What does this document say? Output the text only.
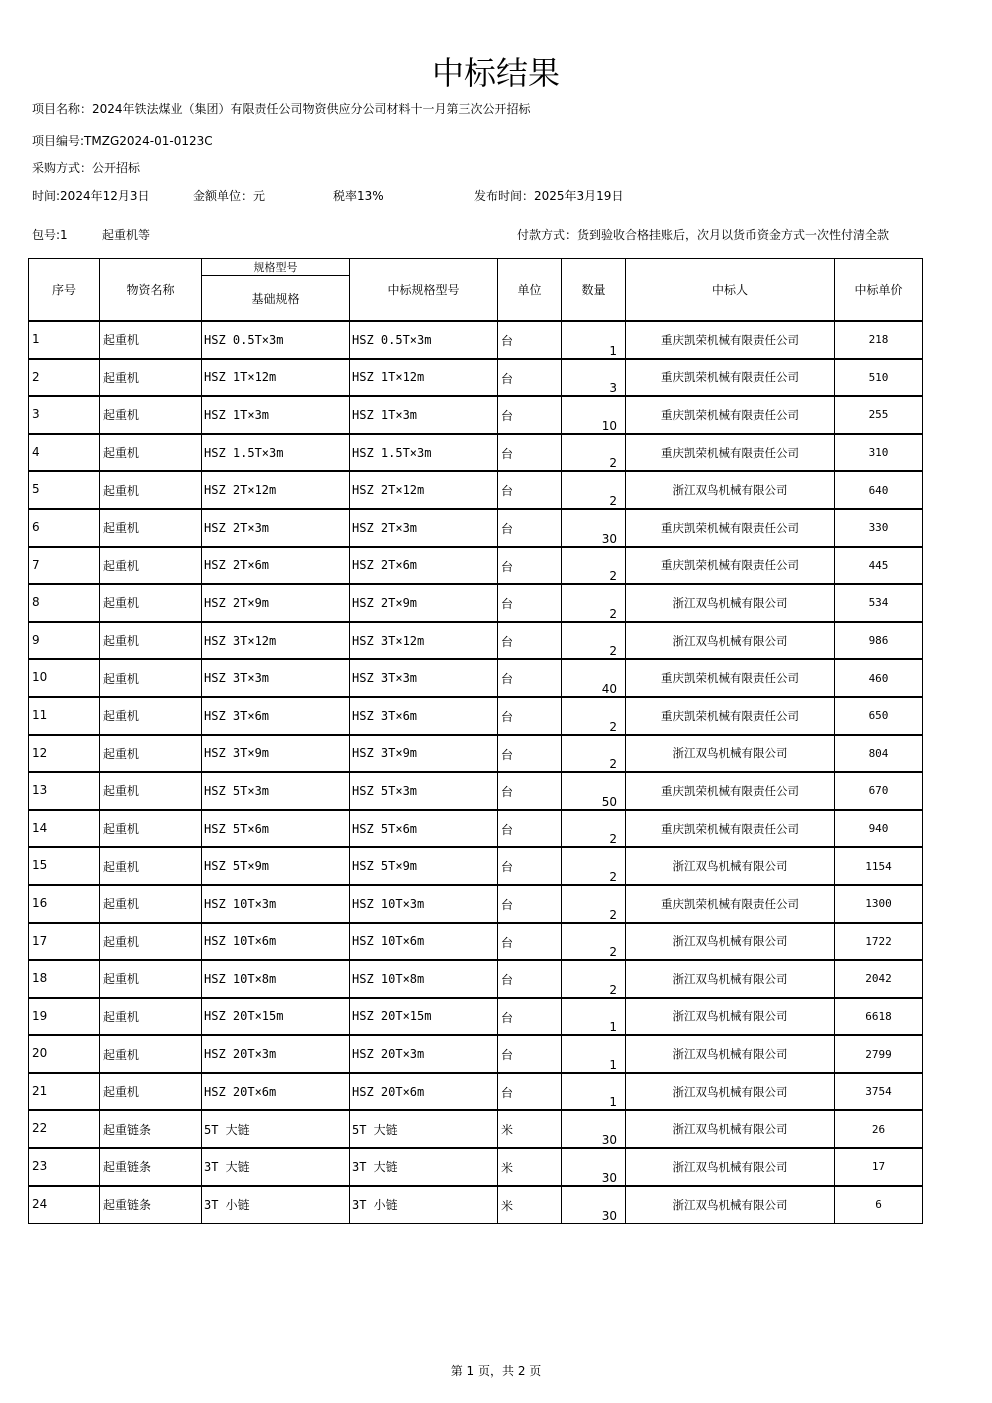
中标结果
项目名称：2024年铁法煤业（集团）有限责任公司物资供应分公司材料十一月第三次公开招标
项目编号:TMZG2024-01-0123C
采购方式：公开招标
时间:2024年12月3日	金额单位：元	税率13%	发布时间：2025年3月19日
包号:1	起重机等	付款方式：货到验收合格挂账后，次月以货币资金方式一次性付清全款
序号	物资名称	规格型号	中标规格型号	单位	数量	中标人	中标单价
		基础规格					
1	起重机	HSZ 0.5T×3m	HSZ 0.5T×3m	台	1	重庆凯荣机械有限责任公司	218
2	起重机	HSZ 1T×12m	HSZ 1T×12m	台	3	重庆凯荣机械有限责任公司	510
3	起重机	HSZ 1T×3m	HSZ 1T×3m	台	10	重庆凯荣机械有限责任公司	255
4	起重机	HSZ 1.5T×3m	HSZ 1.5T×3m	台	2	重庆凯荣机械有限责任公司	310
5	起重机	HSZ 2T×12m	HSZ 2T×12m	台	2	浙江双鸟机械有限公司	640
6	起重机	HSZ 2T×3m	HSZ 2T×3m	台	30	重庆凯荣机械有限责任公司	330
7	起重机	HSZ 2T×6m	HSZ 2T×6m	台	2	重庆凯荣机械有限责任公司	445
8	起重机	HSZ 2T×9m	HSZ 2T×9m	台	2	浙江双鸟机械有限公司	534
9	起重机	HSZ 3T×12m	HSZ 3T×12m	台	2	浙江双鸟机械有限公司	986
10	起重机	HSZ 3T×3m	HSZ 3T×3m	台	40	重庆凯荣机械有限责任公司	460
11	起重机	HSZ 3T×6m	HSZ 3T×6m	台	2	重庆凯荣机械有限责任公司	650
12	起重机	HSZ 3T×9m	HSZ 3T×9m	台	2	浙江双鸟机械有限公司	804
13	起重机	HSZ 5T×3m	HSZ 5T×3m	台	50	重庆凯荣机械有限责任公司	670
14	起重机	HSZ 5T×6m	HSZ 5T×6m	台	2	重庆凯荣机械有限责任公司	940
15	起重机	HSZ 5T×9m	HSZ 5T×9m	台	2	浙江双鸟机械有限公司	1154
16	起重机	HSZ 10T×3m	HSZ 10T×3m	台	2	重庆凯荣机械有限责任公司	1300
17	起重机	HSZ 10T×6m	HSZ 10T×6m	台	2	浙江双鸟机械有限公司	1722
18	起重机	HSZ 10T×8m	HSZ 10T×8m	台	2	浙江双鸟机械有限公司	2042
19	起重机	HSZ 20T×15m	HSZ 20T×15m	台	1	浙江双鸟机械有限公司	6618
20	起重机	HSZ 20T×3m	HSZ 20T×3m	台	1	浙江双鸟机械有限公司	2799
21	起重机	HSZ 20T×6m	HSZ 20T×6m	台	1	浙江双鸟机械有限公司	3754
22	起重链条	5T 大链	5T 大链	米	30	浙江双鸟机械有限公司	26
23	起重链条	3T 大链	3T 大链	米	30	浙江双鸟机械有限公司	17
24	起重链条	3T 小链	3T 小链	米	30	浙江双鸟机械有限公司	6
第 1 页，共 2 页
